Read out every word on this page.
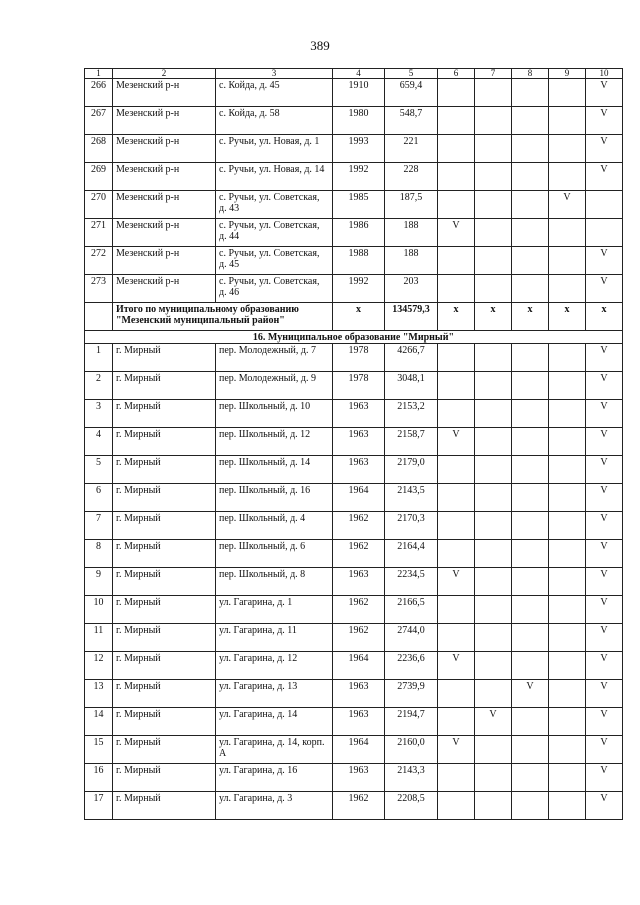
389
1	2	3	4	5	6	7	8	9	10
266	Мезенский р-н	с. Койда, д. 45	1910	659,4					V
267	Мезенский р-н	с. Койда, д. 58	1980	548,7					V
268	Мезенский р-н	с. Ручьи, ул. Новая, д. 1	1993	221					V
269	Мезенский р-н	с. Ручьи, ул. Новая, д. 14	1992	228					V
270	Мезенский р-н	с. Ручьи, ул. Советская, д. 43	1985	187,5				V	
271	Мезенский р-н	с. Ручьи, ул. Советская, д. 44	1986	188	V				
272	Мезенский р-н	с. Ручьи, ул. Советская, д. 45	1988	188					V
273	Мезенский р-н	с. Ручьи, ул. Советская, д. 46	1992	203					V
	Итого по муниципальному образованию "Мезенский муниципальный район"		x	134579,3	x	x	x	x	x
16. Муниципальное образование "Мирный"									
1	г. Мирный	пер. Молодежный, д. 7	1978	4266,7					V
2	г. Мирный	пер. Молодежный, д. 9	1978	3048,1					V
3	г. Мирный	пер. Школьный, д. 10	1963	2153,2					V
4	г. Мирный	пер. Школьный, д. 12	1963	2158,7	V				V
5	г. Мирный	пер. Школьный, д. 14	1963	2179,0					V
6	г. Мирный	пер. Школьный, д. 16	1964	2143,5					V
7	г. Мирный	пер. Школьный, д. 4	1962	2170,3					V
8	г. Мирный	пер. Школьный, д. 6	1962	2164,4					V
9	г. Мирный	пер. Школьный, д. 8	1963	2234,5	V				V
10	г. Мирный	ул. Гагарина, д. 1	1962	2166,5					V
11	г. Мирный	ул. Гагарина, д. 11	1962	2744,0					V
12	г. Мирный	ул. Гагарина, д. 12	1964	2236,6	V				V
13	г. Мирный	ул. Гагарина, д. 13	1963	2739,9			V		V
14	г. Мирный	ул. Гагарина, д. 14	1963	2194,7		V			V
15	г. Мирный	ул. Гагарина, д. 14, корп. А	1964	2160,0	V				V
16	г. Мирный	ул. Гагарина, д. 16	1963	2143,3					V
17	г. Мирный	ул. Гагарина, д. 3	1962	2208,5					V
